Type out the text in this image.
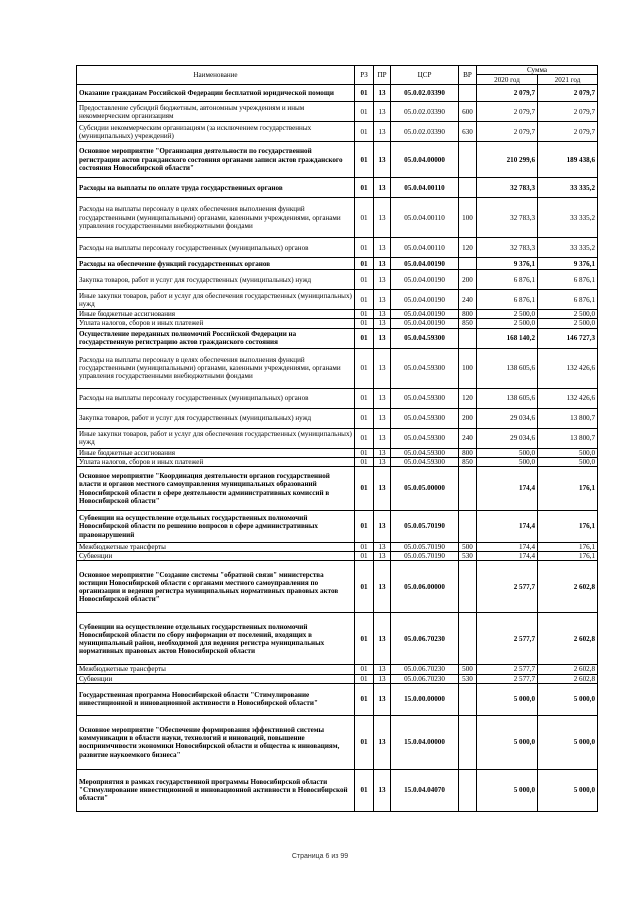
Наименование	РЗ	ПР	ЦСР	ВР	Сумма	
					2020 год	2021 год
Оказание гражданам Российской Федерации бесплатной юридической помощи	01	13	05.0.02.03390		2 079,7	2 079,7
Предоставление субсидий бюджетным, автономным учреждениям и иным некоммерческим организациям	01	13	05.0.02.03390	600	2 079,7	2 079,7
Субсидии некоммерческим организациям (за исключением государственных (муниципальных) учреждений)	01	13	05.0.02.03390	630	2 079,7	2 079,7
Основное мероприятие "Организация деятельности по государственной регистрации актов гражданского состояния органами записи актов гражданского состояния Новосибирской области"	01	13	05.0.04.00000		210 299,6	189 438,6
Расходы на выплаты по оплате труда государственных органов	01	13	05.0.04.00110		32 783,3	33 335,2
Расходы на выплаты персоналу в целях обеспечения выполнения функций государственными (муниципальными) органами, казенными учреждениями, органами управления государственными внебюджетными фондами	01	13	05.0.04.00110	100	32 783,3	33 335,2
Расходы на выплаты персоналу государственных (муниципальных) органов	01	13	05.0.04.00110	120	32 783,3	33 335,2
Расходы на обеспечение функций государственных органов	01	13	05.0.04.00190		9 376,1	9 376,1
Закупка товаров, работ и услуг для государственных (муниципальных) нужд	01	13	05.0.04.00190	200	6 876,1	6 876,1
Иные закупки товаров, работ и услуг для обеспечения государственных (муниципальных) нужд	01	13	05.0.04.00190	240	6 876,1	6 876,1
Иные бюджетные ассигнования	01	13	05.0.04.00190	800	2 500,0	2 500,0
Уплата налогов, сборов и иных платежей	01	13	05.0.04.00190	850	2 500,0	2 500,0
Осуществление переданных полномочий Российской Федерации на государственную регистрацию актов гражданского состояния	01	13	05.0.04.59300		168 140,2	146 727,3
Расходы на выплаты персоналу в целях обеспечения выполнения функций государственными (муниципальными) органами, казенными учреждениями, органами управления государственными внебюджетными фондами	01	13	05.0.04.59300	100	138 605,6	132 426,6
Расходы на выплаты персоналу государственных (муниципальных) органов	01	13	05.0.04.59300	120	138 605,6	132 426,6
Закупка товаров, работ и услуг для государственных (муниципальных) нужд	01	13	05.0.04.59300	200	29 034,6	13 800,7
Иные закупки товаров, работ и услуг для обеспечения государственных (муниципальных) нужд	01	13	05.0.04.59300	240	29 034,6	13 800,7
Иные бюджетные ассигнования	01	13	05.0.04.59300	800	500,0	500,0
Уплата налогов, сборов и иных платежей	01	13	05.0.04.59300	850	500,0	500,0
Основное мероприятие "Координация деятельности органов государственной власти и органов местного самоуправления муниципальных образований Новосибирской области в сфере деятельности административных комиссий в Новосибирской области"	01	13	05.0.05.00000		174,4	176,1
Субвенции на осуществление отдельных государственных полномочий Новосибирской области по решению вопросов в сфере административных правонарушений	01	13	05.0.05.70190		174,4	176,1
Межбюджетные трансферты	01	13	05.0.05.70190	500	174,4	176,1
Субвенции	01	13	05.0.05.70190	530	174,4	176,1
Основное мероприятие "Создание системы "обратной связи" министерства юстиции Новосибирской области с органами местного самоуправления по организации и ведения регистра муниципальных нормативных правовых актов Новосибирской области"	01	13	05.0.06.00000		2 577,7	2 602,8
Субвенции на осуществление отдельных государственных полномочий Новосибирской области по сбору информации от поселений, входящих в муниципальный район, необходимой для ведения регистра муниципальных нормативных правовых актов Новосибирской области	01	13	05.0.06.70230		2 577,7	2 602,8
Межбюджетные трансферты	01	13	05.0.06.70230	500	2 577,7	2 602,8
Субвенции	01	13	05.0.06.70230	530	2 577,7	2 602,8
Государственная программа Новосибирской области "Стимулирование инвестиционной и инновационной активности в Новосибирской области"	01	13	15.0.00.00000		5 000,0	5 000,0
Основное мероприятие "Обеспечение формирования эффективной системы коммуникации в области науки, технологий и инноваций, повышение восприимчивости экономики Новосибирской области и общества к инновациям, развитие наукоемкого бизнеса"	01	13	15.0.04.00000		5 000,0	5 000,0
Мероприятия в рамках государственной программы Новосибирской области "Стимулирование инвестиционной и инновационной активности в Новосибирской области"	01	13	15.0.04.04070		5 000,0	5 000,0
Страница 6 из 99
